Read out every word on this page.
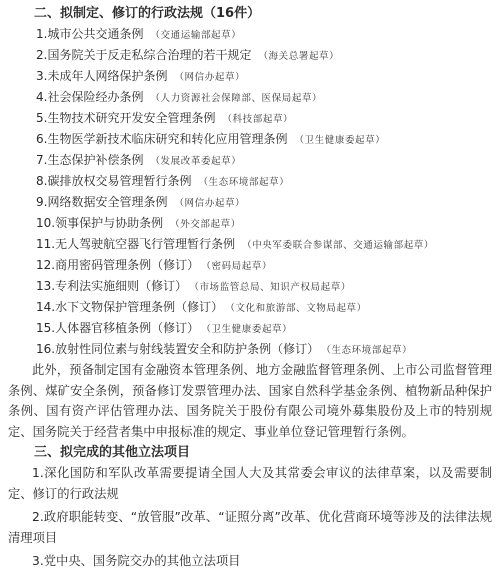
二、拟制定、修订的行政法规（16件）
1.城市公共交通条例 （交通运输部起草）
2.国务院关于反走私综合治理的若干规定 （海关总署起草）
3.未成年人网络保护条例 （网信办起草）
4.社会保险经办条例 （人力资源社会保障部、医保局起草）
5.生物技术研究开发安全管理条例 （科技部起草）
6.生物医学新技术临床研究和转化应用管理条例 （卫生健康委起草）
7.生态保护补偿条例 （发展改革委起草）
8.碳排放权交易管理暂行条例 （生态环境部起草）
9.网络数据安全管理条例 （网信办起草）
10.领事保护与协助条例 （外交部起草）
11.无人驾驶航空器飞行管理暂行条例 （中央军委联合参谋部、交通运输部起草）
12.商用密码管理条例（修订） （密码局起草）
13.专利法实施细则（修订） （市场监管总局、知识产权局起草）
14.水下文物保护管理条例（修订） （文化和旅游部、文物局起草）
15.人体器官移植条例（修订） （卫生健康委起草）
16.放射性同位素与射线装置安全和防护条例（修订） （生态环境部起草）

此外，预备制定国有金融资本管理条例、地方金融监督管理条例、上市公司监督管理条例、煤矿安全条例，预备修订发票管理办法、国家自然科学基金条例、植物新品种保护条例、国有资产评估管理办法、国务院关于股份有限公司境外募集股份及上市的特别规定、国务院关于经营者集中申报标准的规定、事业单位登记管理暂行条例。

三、拟完成的其他立法项目

1.深化国防和军队改革需要提请全国人大及其常委会审议的法律草案，以及需要制定、修订的行政法规

2.政府职能转变、“放管服”改革、“证照分离”改革、优化营商环境等涉及的法律法规清理项目

3.党中央、国务院交办的其他立法项目
